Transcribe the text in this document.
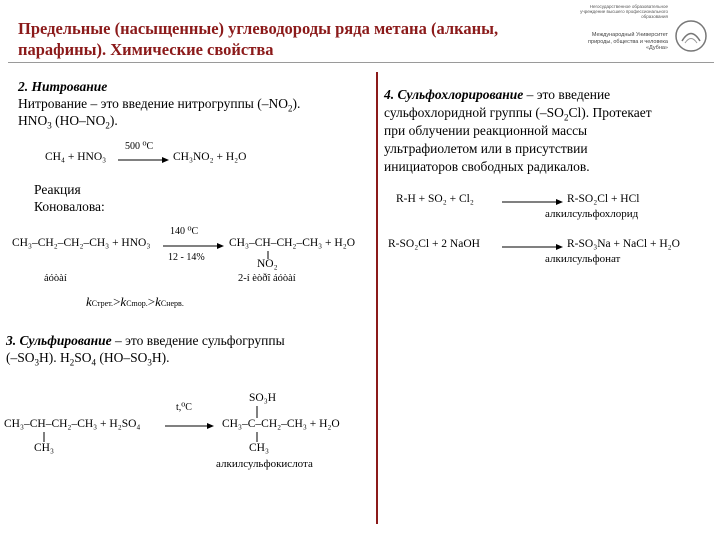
Предельные (насыщенные) углеводороды ряда метана (алканы,
парафины). Химические свойства
Негосударственное образовательное учреждение высшего профессионального образования
Международный Университет природы, общества и человека «Дубна»
2. Нитрование
Нитрование – это введение нитрогруппы $(-NO_2)$.
$HNO_3$ $(HO-NO_2)$.
CH₄ + HNO₃
500 ⁰C
→ CH₃NO₂ + H₂O
Реакция
Коновалова:
CH₃–CH₂–CH₂–CH₃ + HNO₃
140 ⁰C
12 - 14%
CH₃–CH–CH₂–CH₃ + H₂O
NO₂
áóòàí	2-í èòðî áóòàí
kСтрет.>kCmop.>kСнерв.
3. Сульфирование – это введение сульфогруппы
$(-SO_3H)$. $H_2SO_4$ $(HO-SO_3H)$.
CH₃–CH–CH₂–CH₃ + H₂SO₄
CH₃
t,⁰C
SO₃H
CH₃–C–CH₂–CH₃ + H₂O
CH₃
алкилсульфокислота
4. Сульфохлорирование – это введение
сульфохлоридной группы $(-SO_2Cl)$. Протекает
при облучении реакционной массы
ультрафиолетом или в присутствии
инициаторов свободных радикалов.
R-H + SO₂ + Cl₂ → R-SO₂Cl + HCl
алкилсульфохлорид
R-SO₂Cl + 2 NaOH → R-SO₃Na + NaCl + H₂O
алкилсульфонат
